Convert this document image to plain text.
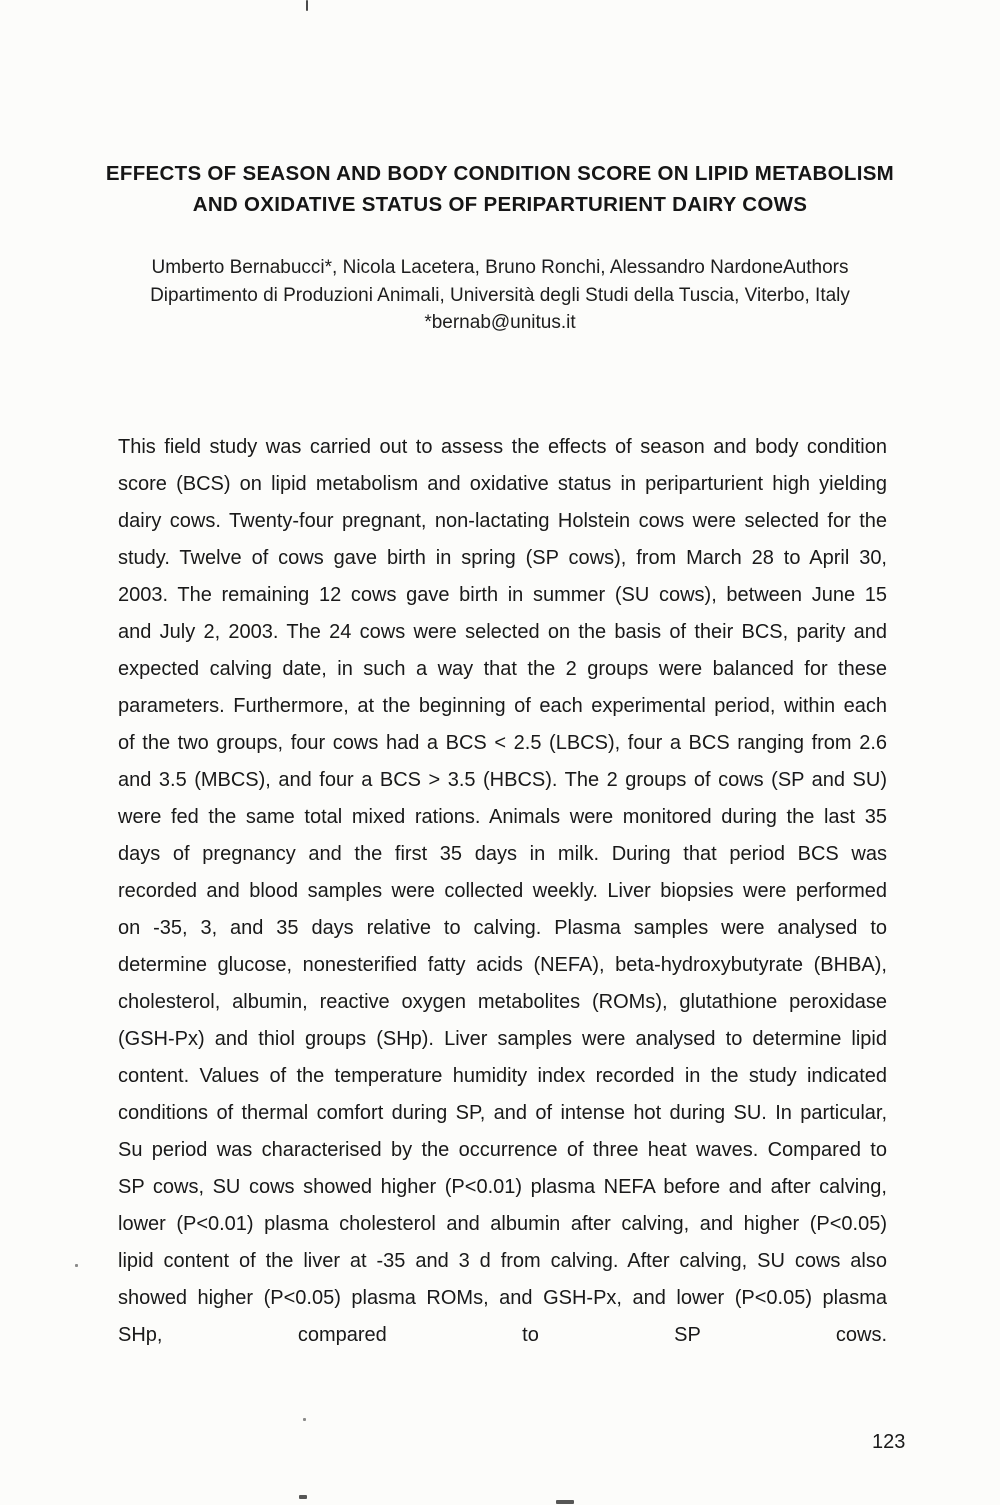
EFFECTS OF SEASON AND BODY CONDITION SCORE ON LIPID METABOLISM
AND OXIDATIVE STATUS OF PERIPARTURIENT DAIRY COWS
Umberto Bernabucci*, Nicola Lacetera, Bruno Ronchi, Alessandro NardoneAuthors
Dipartimento di Produzioni Animali, Università degli Studi della Tuscia, Viterbo, Italy
*bernab@unitus.it

This field study was carried out to assess the effects of season and body condition score (BCS) on lipid metabolism and oxidative status in periparturient high yielding dairy cows. Twenty-four pregnant, non-lactating Holstein cows were selected for the study. Twelve of cows gave birth in spring (SP cows), from March 28 to April 30, 2003. The remaining 12 cows gave birth in summer (SU cows), between June 15 and July 2, 2003. The 24 cows were selected on the basis of their BCS, parity and expected calving date, in such a way that the 2 groups were balanced for these parameters. Furthermore, at the beginning of each experimental period, within each of the two groups, four cows had a BCS < 2.5 (LBCS), four a BCS ranging from 2.6 and 3.5 (MBCS), and four a BCS > 3.5 (HBCS). The 2 groups of cows (SP and SU) were fed the same total mixed rations. Animals were monitored during the last 35 days of pregnancy and the first 35 days in milk. During that period BCS was recorded and blood samples were collected weekly. Liver biopsies were performed on -35, 3, and 35 days relative to calving. Plasma samples were analysed to determine glucose, nonesterified fatty acids (NEFA), beta-hydroxybutyrate (BHBA), cholesterol, albumin, reactive oxygen metabolites (ROMs), glutathione peroxidase (GSH-Px) and thiol groups (SHp). Liver samples were analysed to determine lipid content. Values of the temperature humidity index recorded in the study indicated conditions of thermal comfort during SP, and of intense hot during SU. In particular, Su period was characterised by the occurrence of three heat waves. Compared to SP cows, SU cows showed higher (P<0.01) plasma NEFA before and after calving, lower (P<0.01) plasma cholesterol and albumin after calving, and higher (P<0.05) lipid content of the liver at -35 and 3 d from calving. After calving, SU cows also showed higher (P<0.05) plasma ROMs, and GSH-Px, and lower (P<0.05) plasma SHp, compared to SP cows.

123
